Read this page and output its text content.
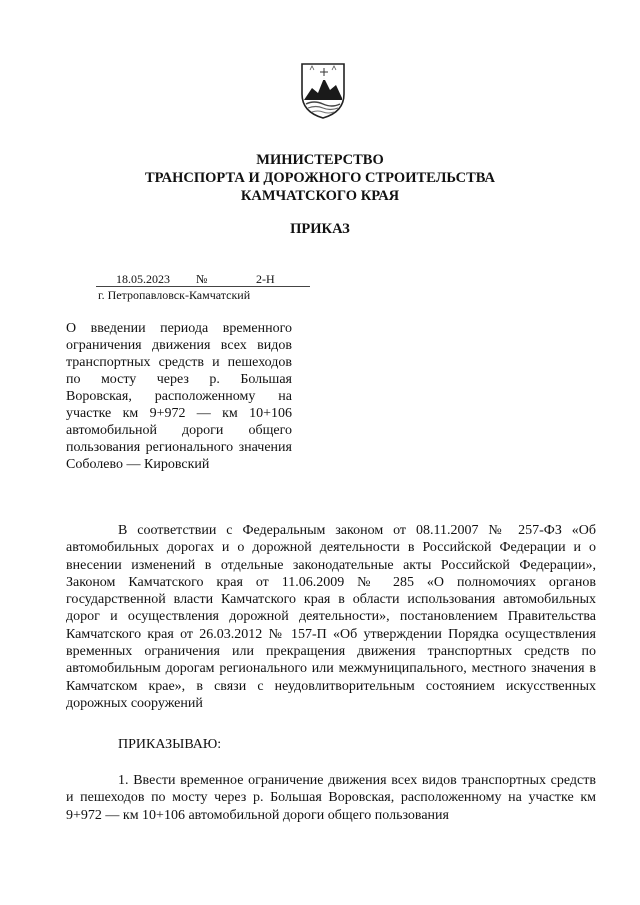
МИНИСТЕРСТВО
ТРАНСПОРТА И ДОРОЖНОГО СТРОИТЕЛЬСТВА
КАМЧАТСКОГО КРАЯ
ПРИКАЗ
18.05.2023 №	2-Н
г. Петропавловск-Камчатский
О введении периода временного ограничения движения всех видов транспортных средств и пешеходов по мосту через р. Большая Воровская, расположенному на участке км 9+972 — км 10+106 автомобильной дороги общего пользования регионального значения Соболево — Кировский
В соответствии с Федеральным законом от 08.11.2007 № 257-ФЗ «Об автомобильных дорогах и о дорожной деятельности в Российской Федерации и о внесении изменений в отдельные законодательные акты Российской Федерации», Законом Камчатского края от 11.06.2009 № 285 «О полномочиях органов государственной власти Камчатского края в области использования автомобильных дорог и осуществления дорожной деятельности», постановлением Правительства Камчатского края от 26.03.2012 № 157-П «Об утверждении Порядка осуществления временных ограничения или прекращения движения транспортных средств по автомобильным дорогам регионального или межмуниципального, местного значения в Камчатском крае», в связи с неудовлитворительным состоянием искусственных дорожных сооружений
ПРИКАЗЫВАЮ:
1. Ввести временное ограничение движения всех видов транспортных средств и пешеходов по мосту через р. Большая Воровская, расположенному на участке км 9+972 — км 10+106 автомобильной дороги общего пользования
